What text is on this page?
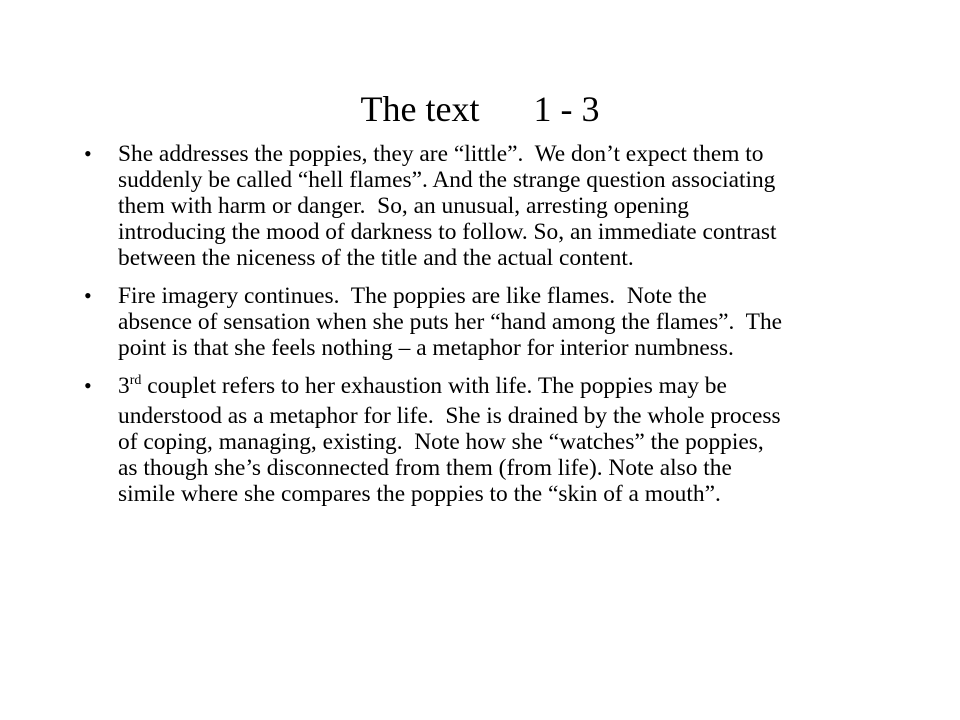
The text      1 - 3
•	She addresses the poppies, they are “little”.  We don’t expect them to
suddenly be called “hell flames”. And the strange question associating
them with harm or danger.  So, an unusual, arresting opening
introducing the mood of darkness to follow. So, an immediate contrast
between the niceness of the title and the actual content.
•	Fire imagery continues.  The poppies are like flames.  Note the
absence of sensation when she puts her “hand among the flames”.  The
point is that she feels nothing – a metaphor for interior numbness.
•	3rd couplet refers to her exhaustion with life. The poppies may be
understood as a metaphor for life.  She is drained by the whole process
of coping, managing, existing.  Note how she “watches” the poppies,
as though she’s disconnected from them (from life). Note also the
simile where she compares the poppies to the “skin of a mouth”.
